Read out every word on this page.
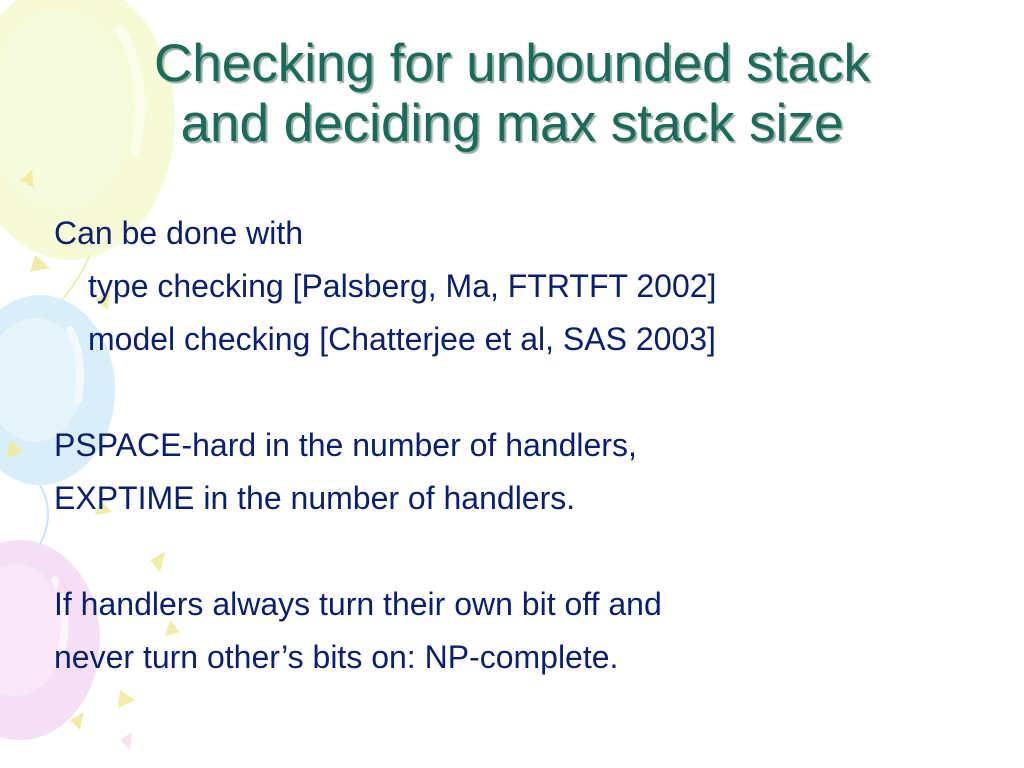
Checking for unbounded stack
and deciding max stack size
Can be done with
type checking [Palsberg, Ma, FTRTFT 2002]
model checking [Chatterjee et al, SAS 2003]
PSPACE-hard in the number of handlers,
EXPTIME in the number of handlers.
If handlers always turn their own bit off and
never turn other’s bits on: NP-complete.
